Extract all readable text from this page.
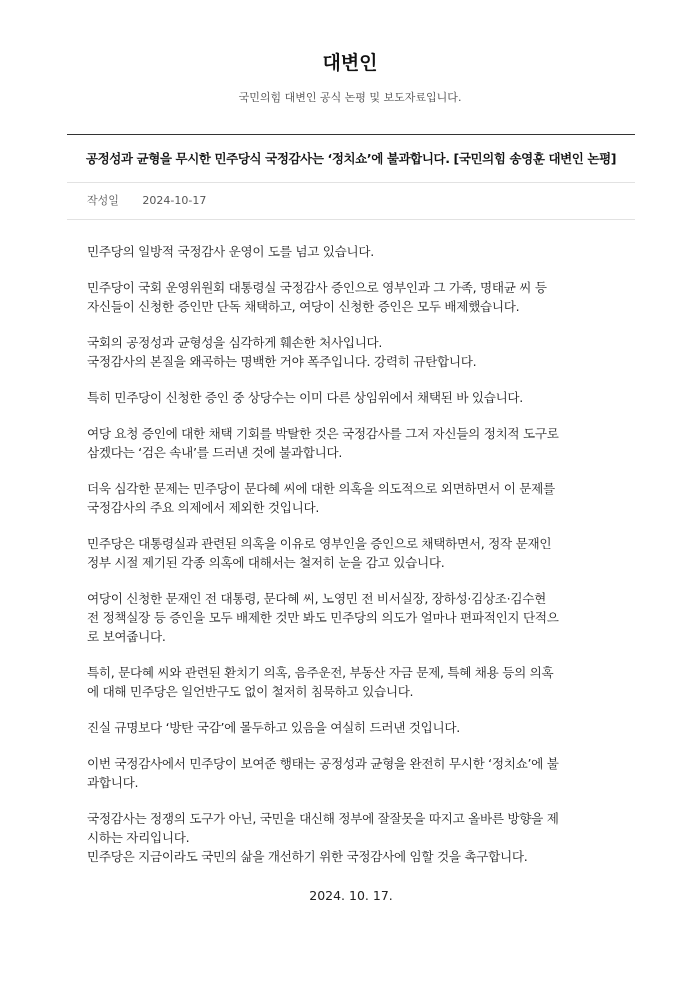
대변인
국민의힘 대변인 공식 논평 및 보도자료입니다.
공정성과 균형을 무시한 민주당식 국정감사는 ‘정치쇼’에 불과합니다. [국민의힘 송영훈 대변인 논평]
작성일 2024-10-17

민주당의 일방적 국정감사 운영이 도를 넘고 있습니다.

민주당이 국회 운영위원회 대통령실 국정감사 증인으로 영부인과 그 가족, 명태균 씨 등
자신들이 신청한 증인만 단독 채택하고, 여당이 신청한 증인은 모두 배제했습니다.

국회의 공정성과 균형성을 심각하게 훼손한 처사입니다.
국정감사의 본질을 왜곡하는 명백한 거야 폭주입니다. 강력히 규탄합니다.

특히 민주당이 신청한 증인 중 상당수는 이미 다른 상임위에서 채택된 바 있습니다.

여당 요청 증인에 대한 채택 기회를 박탈한 것은 국정감사를 그저 자신들의 정치적 도구로
삼겠다는 ‘검은 속내’를 드러낸 것에 불과합니다.

더욱 심각한 문제는 민주당이 문다혜 씨에 대한 의혹을 의도적으로 외면하면서 이 문제를
국정감사의 주요 의제에서 제외한 것입니다.

민주당은 대통령실과 관련된 의혹을 이유로 영부인을 증인으로 채택하면서, 정작 문재인
정부 시절 제기된 각종 의혹에 대해서는 철저히 눈을 감고 있습니다.

여당이 신청한 문재인 전 대통령, 문다혜 씨, 노영민 전 비서실장, 장하성·김상조·김수현
전 정책실장 등 증인을 모두 배제한 것만 봐도 민주당의 의도가 얼마나 편파적인지 단적으
로 보여줍니다.

특히, 문다혜 씨와 관련된 환치기 의혹, 음주운전, 부동산 자금 문제, 특혜 채용 등의 의혹
에 대해 민주당은 일언반구도 없이 철저히 침묵하고 있습니다.

진실 규명보다 ‘방탄 국감’에 몰두하고 있음을 여실히 드러낸 것입니다.

이번 국정감사에서 민주당이 보여준 행태는 공정성과 균형을 완전히 무시한 ‘정치쇼’에 불
과합니다.

국정감사는 정쟁의 도구가 아닌, 국민을 대신해 정부에 잘잘못을 따지고 올바른 방향을 제
시하는 자리입니다.
민주당은 지금이라도 국민의 삶을 개선하기 위한 국정감사에 임할 것을 촉구합니다.

2024. 10. 17.
